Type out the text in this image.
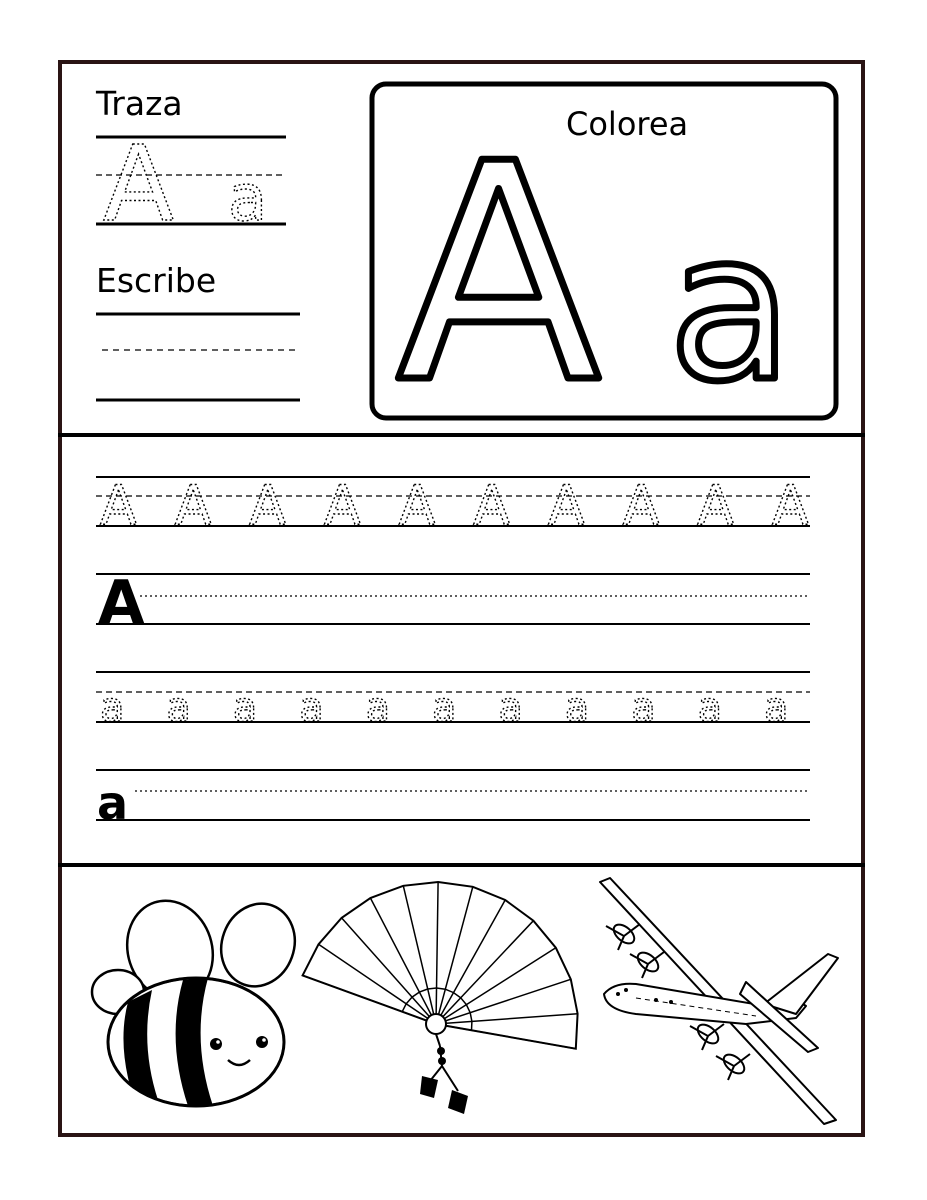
Traza
A a
Escribe
Colorea
A a
A A A A A A A A A A
A
a a a a a a a a a a a
a
